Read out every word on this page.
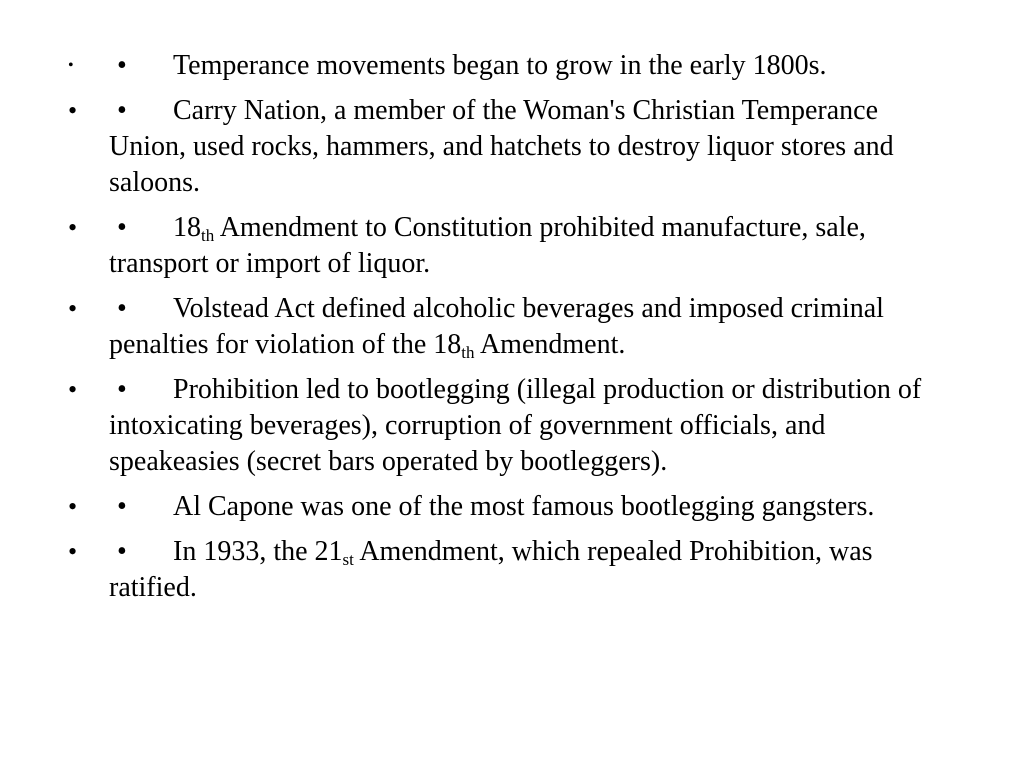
• • Temperance movements began to grow in the early 1800s.
• • Carry Nation, a member of the Woman's Christian Temperance Union, used rocks, hammers, and hatchets to destroy liquor stores and saloons.
• • $18_{th}$ Amendment to Constitution prohibited manufacture, sale, transport or import of liquor.
• • Volstead Act defined alcoholic beverages and imposed criminal penalties for violation of the $18_{th}$ Amendment.
• • Prohibition led to bootlegging (illegal production or distribution of intoxicating beverages), corruption of government officials, and speakeasies (secret bars operated by bootleggers).
• • Al Capone was one of the most famous bootlegging gangsters.
• • In 1933, the $21_{st}$ Amendment, which repealed Prohibition, was ratified.
